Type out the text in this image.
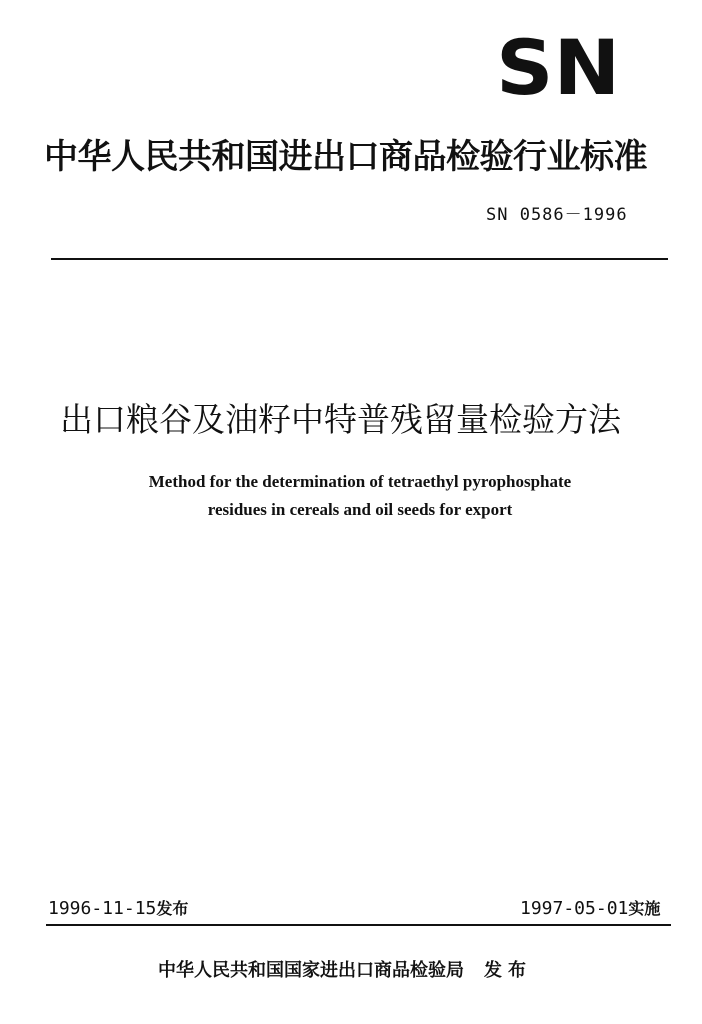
SN
中华人民共和国进出口商品检验行业标准
SN 0586－1996
出口粮谷及油籽中特普残留量检验方法
Method for the determination of tetraethyl pyrophosphate
residues in cereals and oil seeds for export
1996-11-15发布	1997-05-01实施
中华人民共和国国家进出口商品检验局 发布
